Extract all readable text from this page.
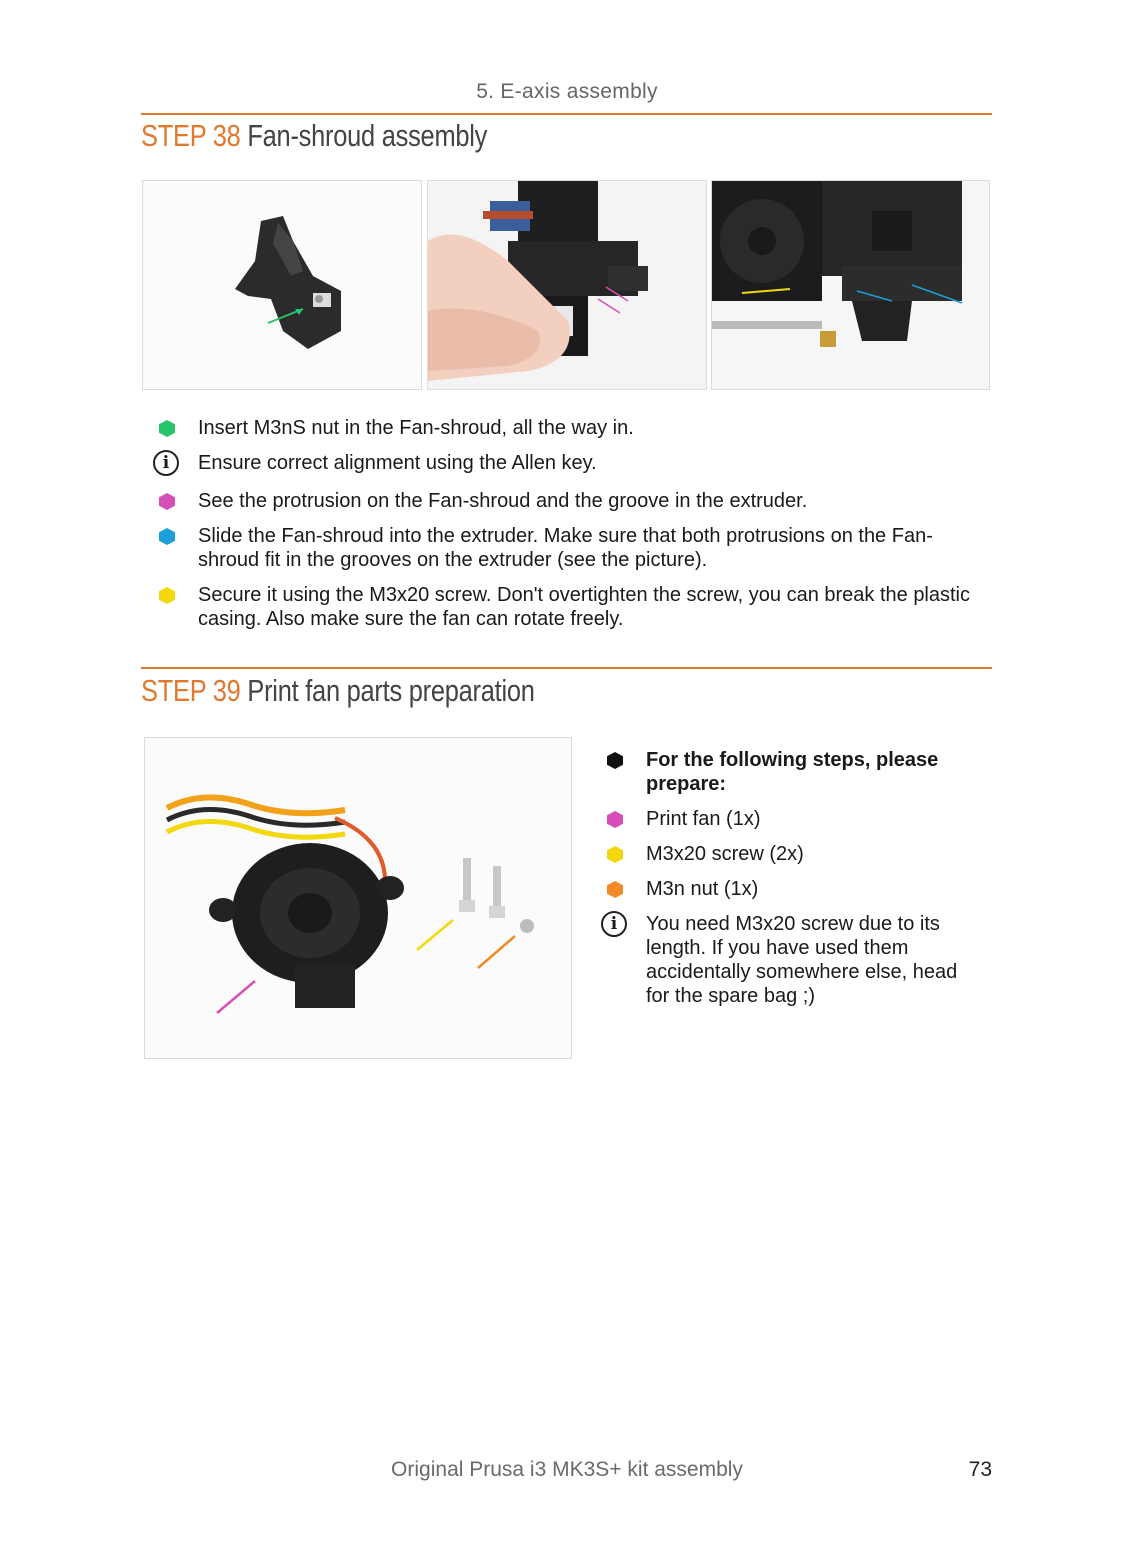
5. E-axis assembly
STEP 38 Fan-shroud assembly
Insert M3nS nut in the Fan-shroud, all the way in.
i	Ensure correct alignment using the Allen key.
See the protrusion on the Fan-shroud and the groove in the extruder.
Slide the Fan-shroud into the extruder. Make sure that both protrusions on the Fan-shroud fit in the grooves on the extruder (see the picture).
Secure it using the M3x20 screw. Don't overtighten the screw, you can break the plastic casing. Also make sure the fan can rotate freely.
STEP 39 Print fan parts preparation
For the following steps, please prepare:
Print fan (1x)
M3x20 screw (2x)
M3n nut (1x)
i	You need M3x20 screw due to its length. If you have used them accidentally somewhere else, head for the spare bag ;)
Original Prusa i3 MK3S+ kit assembly	73
